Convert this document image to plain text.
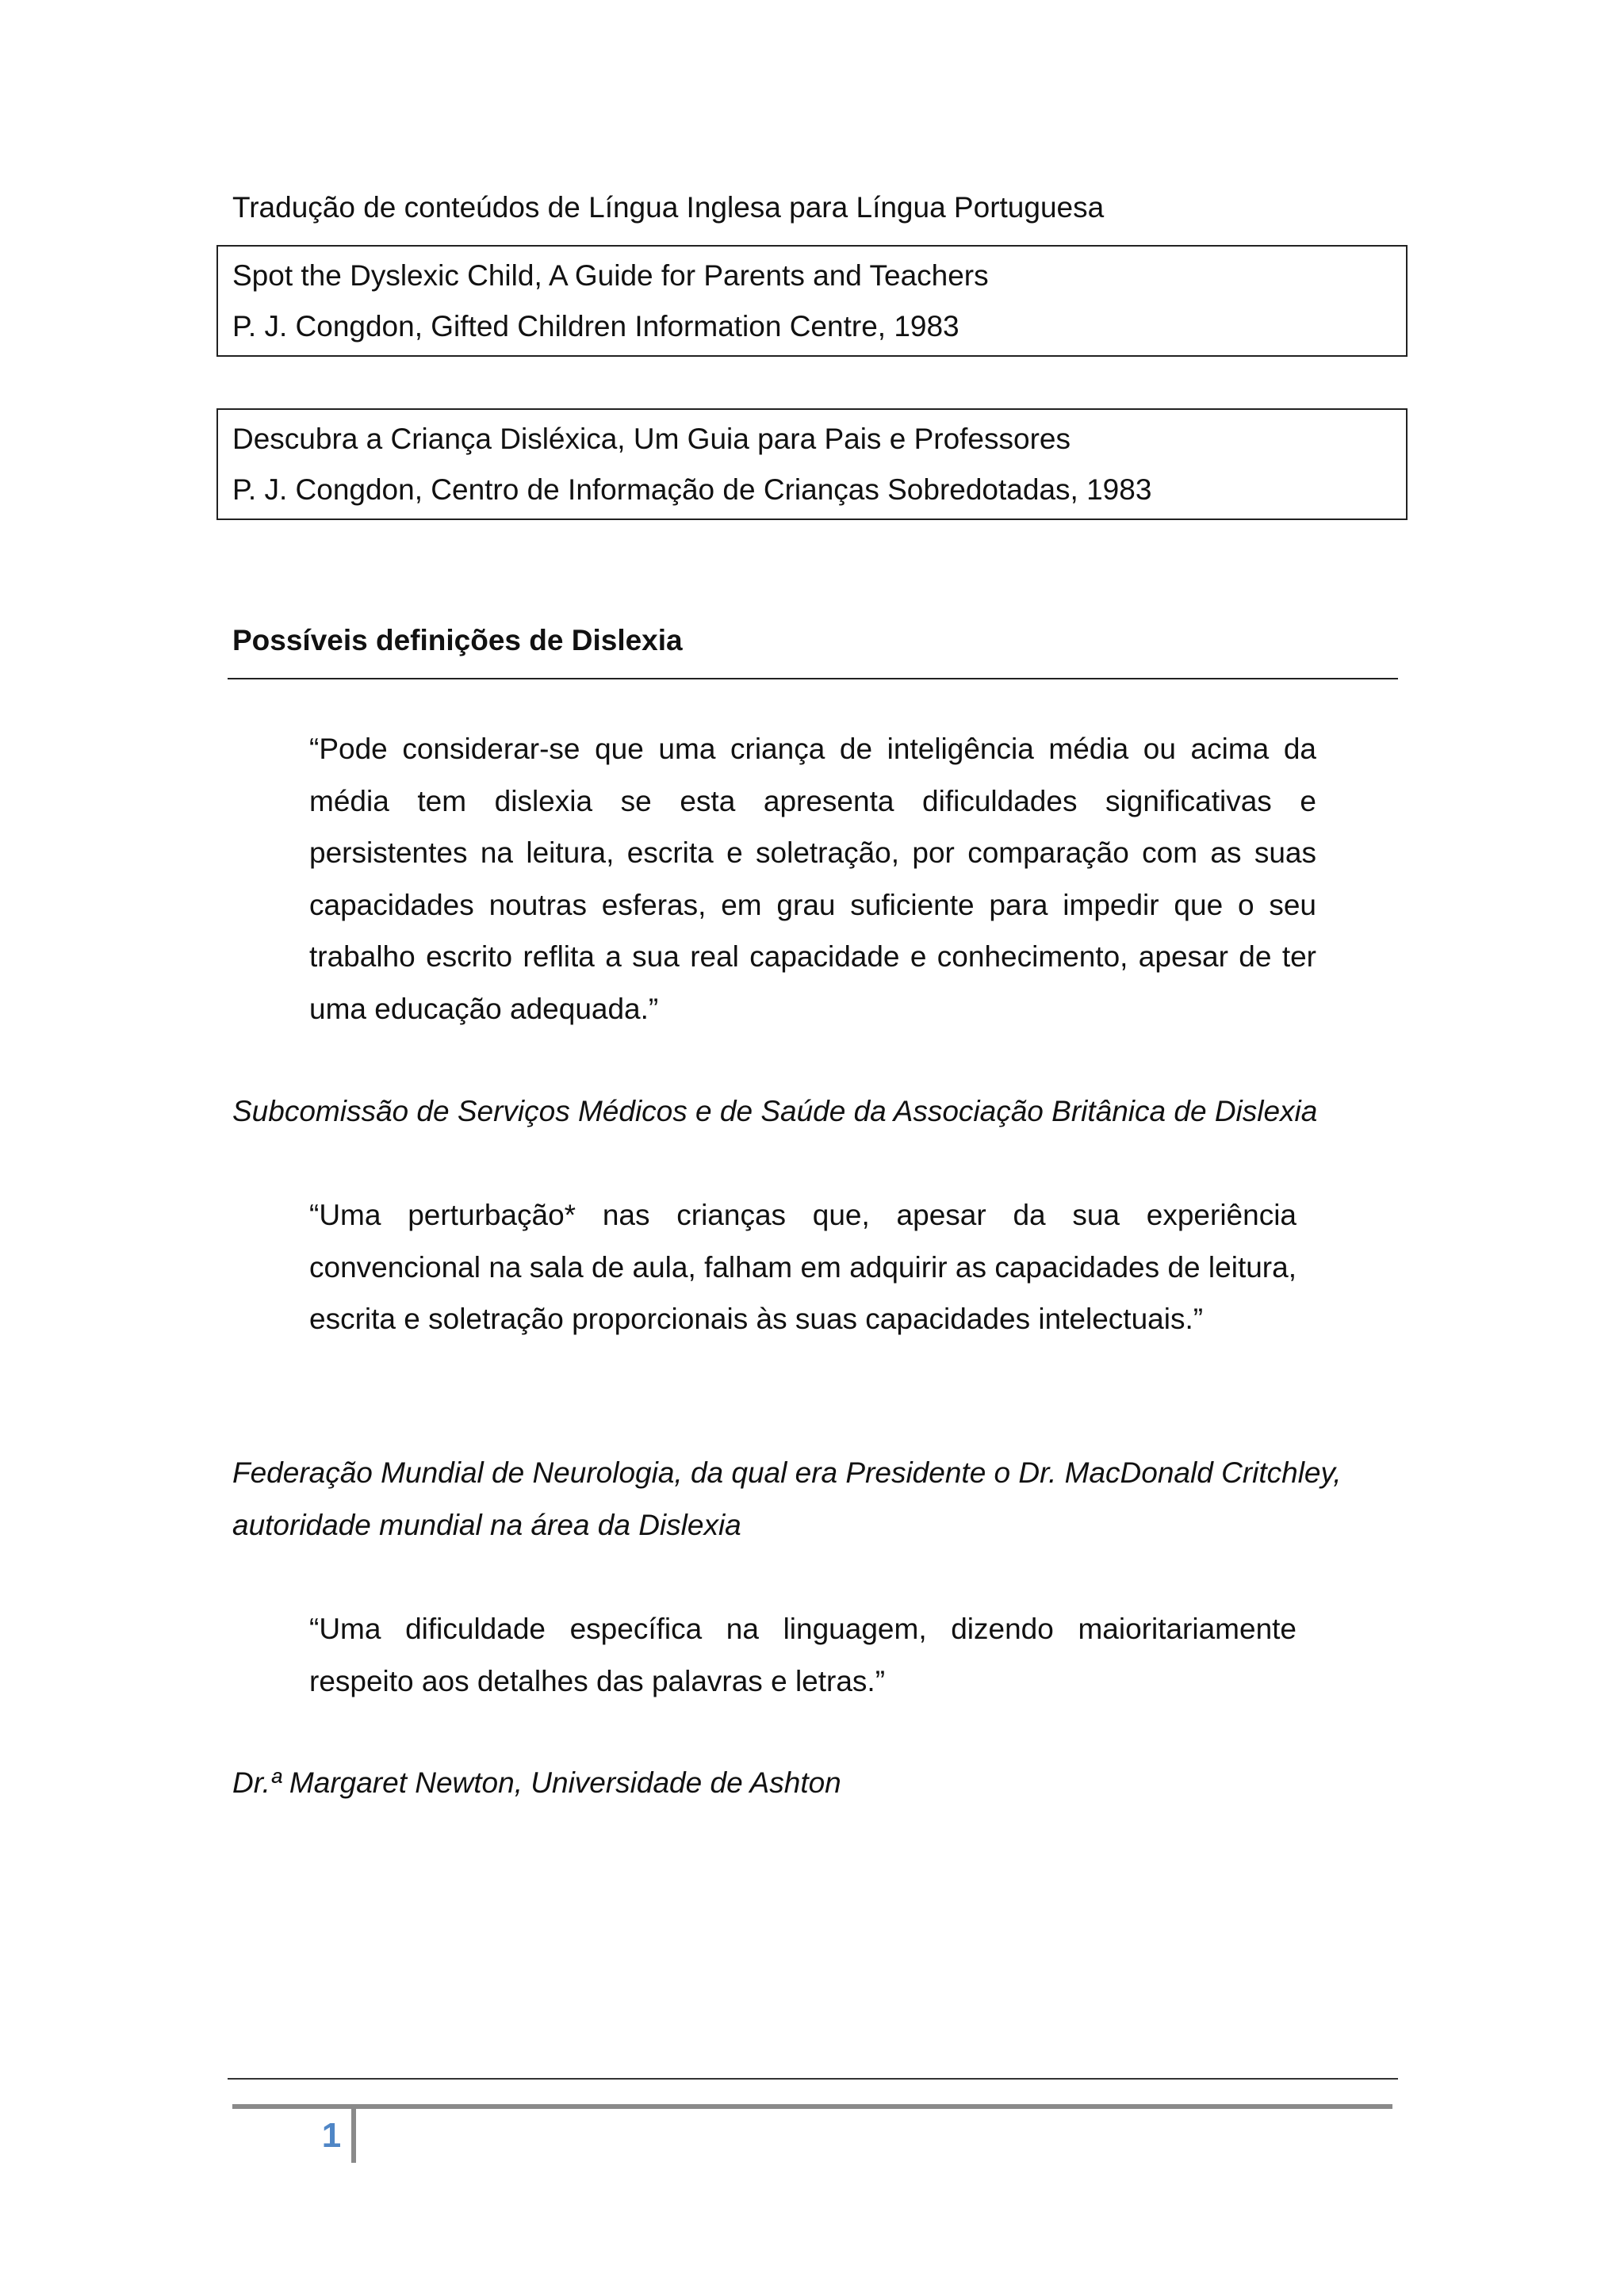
Tradução de conteúdos de Língua Inglesa para Língua Portuguesa
Spot the Dyslexic Child, A Guide for Parents and Teachers
P. J. Congdon, Gifted Children Information Centre, 1983
Descubra a Criança Disléxica, Um Guia para Pais e Professores
P. J. Congdon, Centro de Informação de Crianças Sobredotadas, 1983
Possíveis definições de Dislexia
“Pode considerar-se que uma criança de inteligência média ou acima da média tem dislexia se esta apresenta dificuldades significativas e persistentes na leitura, escrita e soletração, por comparação com as suas capacidades noutras esferas, em grau suficiente para impedir que o seu trabalho escrito reflita a sua real capacidade e conhecimento, apesar de ter uma educação adequada.”
Subcomissão de Serviços Médicos e de Saúde da Associação Britânica de Dislexia
“Uma perturbação* nas crianças que, apesar da sua experiência convencional na sala de aula, falham em adquirir as capacidades de leitura, escrita e soletração proporcionais às suas capacidades intelectuais.”
Federação Mundial de Neurologia, da qual era Presidente o Dr. MacDonald Critchley, autoridade mundial na área da Dislexia
“Uma dificuldade específica na linguagem, dizendo maioritariamente respeito aos detalhes das palavras e letras.”
Dr.ª Margaret Newton, Universidade de Ashton
1
